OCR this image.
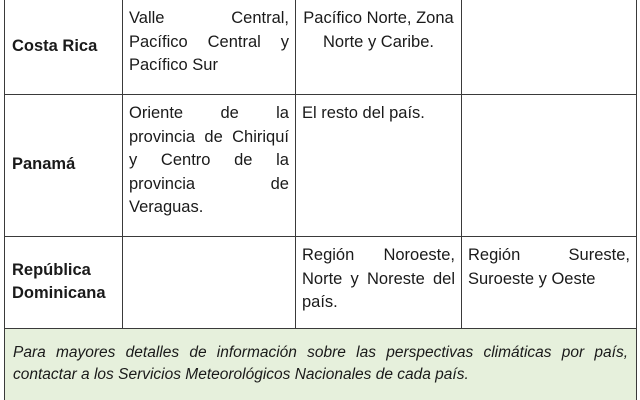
Costa Rica	Valle Central, Pacífico Central y Pacífico Sur	Pacífico Norte, Zona Norte y Caribe.	
Panamá	Oriente de la provincia de Chiriquí y Centro de la provincia de Veraguas.	El resto del país.	
República Dominicana		Región Noroeste, Norte y Noreste del país.	Región Sureste, Suroeste y Oeste
Para mayores detalles de información sobre las perspectivas climáticas por país, contactar a los Servicios Meteorológicos Nacionales de cada país.			
